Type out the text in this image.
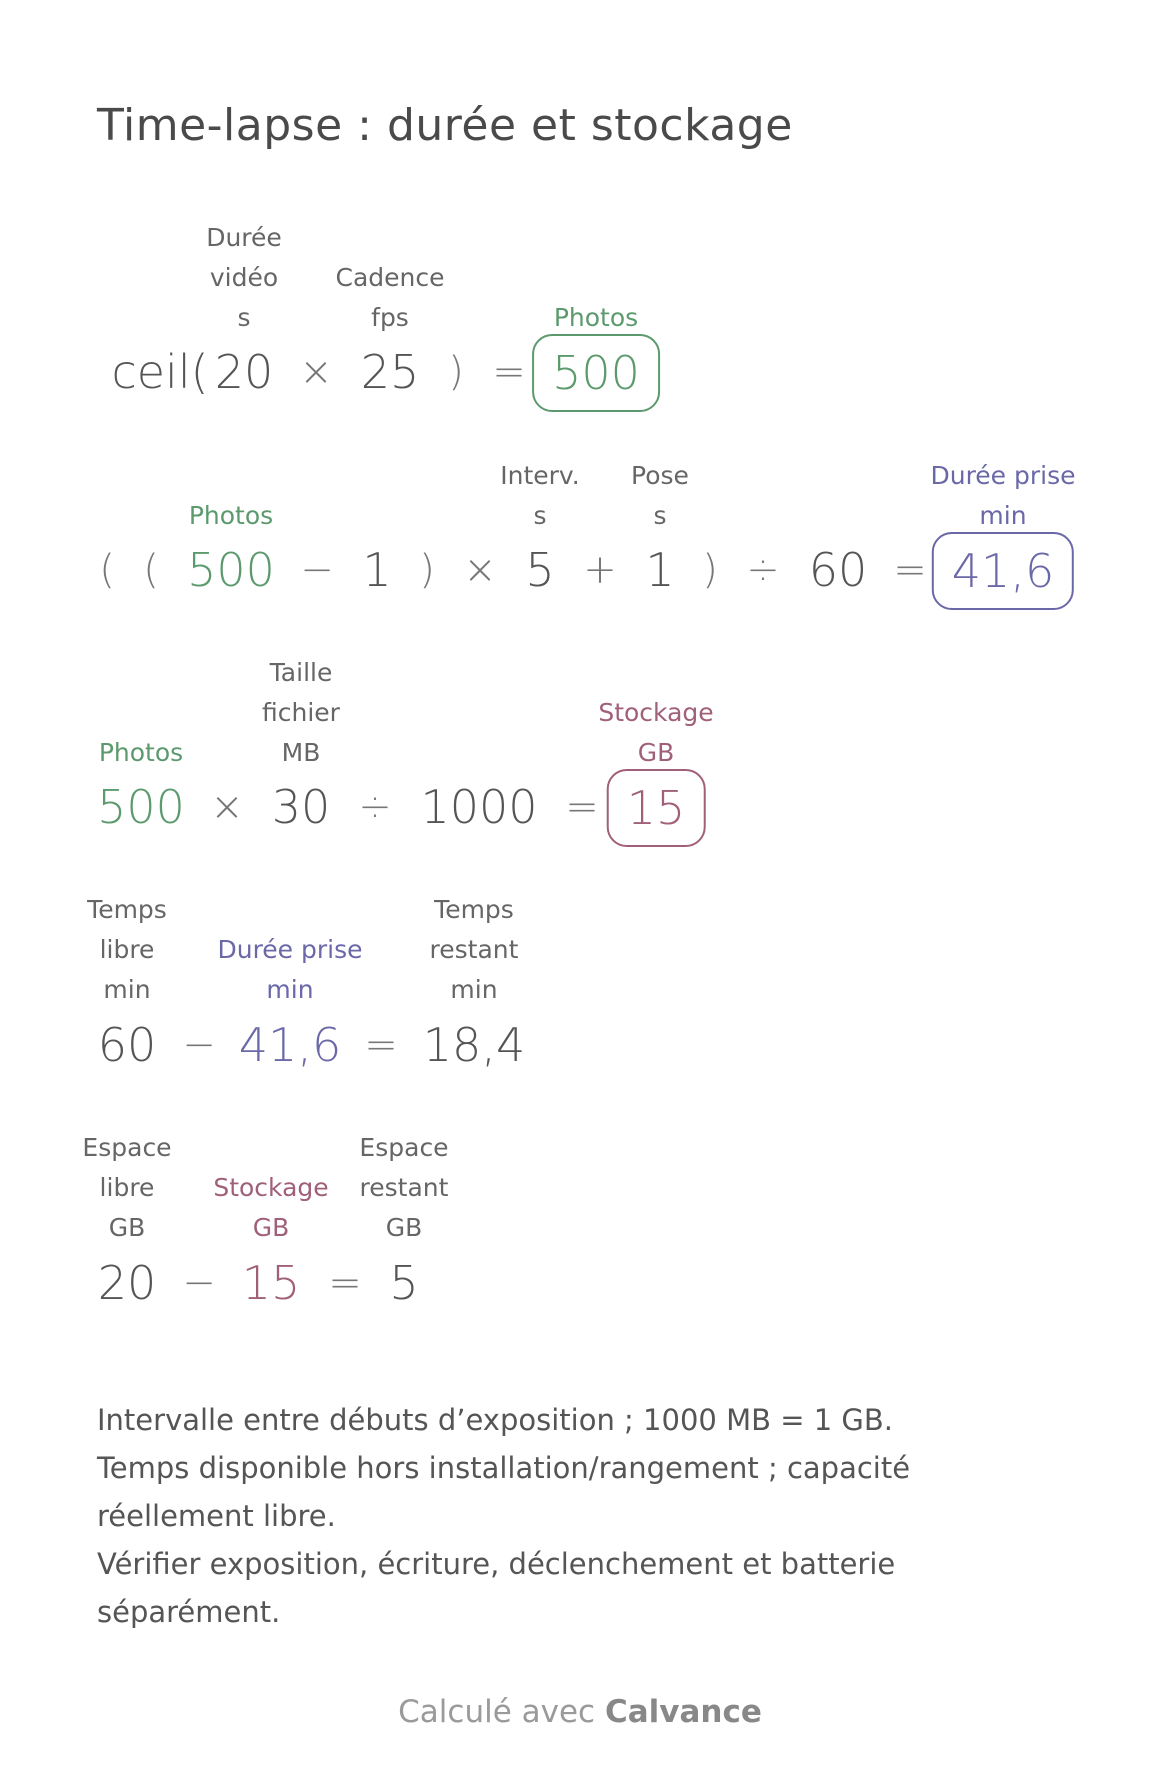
Time-lapse : durée et stockage
Durée
vidéo
s
Cadence
fps	Photos
ceil( 20 × 25 ) = 500
Photos
Interv.
s
Pose
s
Durée prise
min
( ( 500 − 1 ) × 5 + 1 ) ÷ 60 = 41,6
Photos
Taille
fichier
MB
Stockage
GB
500 × 30 ÷ 1000 = 15
Temps
libre
min
Durée prise
min
Temps
restant
min
60 − 41,6 = 18,4
Espace
libre
GB
Stockage
GB
Espace
restant
GB
20 − 15 = 5

Intervalle entre débuts d’exposition ; 1000 MB = 1 GB.

Temps disponible hors installation/rangement ; capacité réellement libre.

Vérifier exposition, écriture, déclenchement et batterie séparément.

Calculé avec Calvance
